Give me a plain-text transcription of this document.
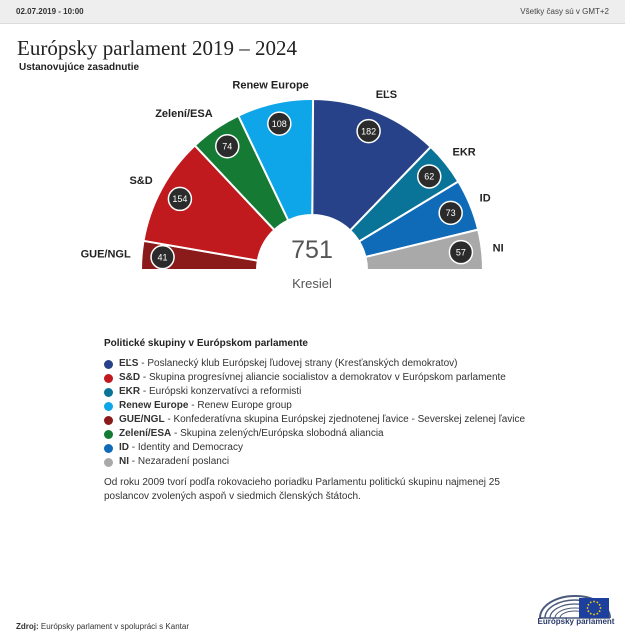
02.07.2019 - 10:00	Všetky časy sú v GMT+2
Európsky parlament 2019 – 2024
Ustanovujúce zasadnutie
41
GUE/NGL
154
S&D
74
Zelení/ESA
108
Renew Europe
182
EĽS
62
EKR
73
ID
57 NI
751
Kresiel
Politické skupiny v Európskom parlamente
EĽS - Poslanecký klub Európskej ľudovej strany (Kresťanských demokratov)
S&D - Skupina progresívnej aliancie socialistov a demokratov v Európskom parlamente
EKR - Európski konzervatívci a reformisti
Renew Europe - Renew Europe group
GUE/NGL - Konfederatívna skupina Európskej zjednotenej ľavice - Severskej zelenej ľavice
Zelení/ESA - Skupina zelených/Európska slobodná aliancia
ID - Identity and Democracy
NI - Nezaradení poslanci
Od roku 2009 tvorí podľa rokovacieho poriadku Parlamentu politickú skupinu najmenej 25 poslancov zvolených aspoň v siedmich členských štátoch.
Zdroj: Európsky parlament v spolupráci s Kantar
Európsky parlament
